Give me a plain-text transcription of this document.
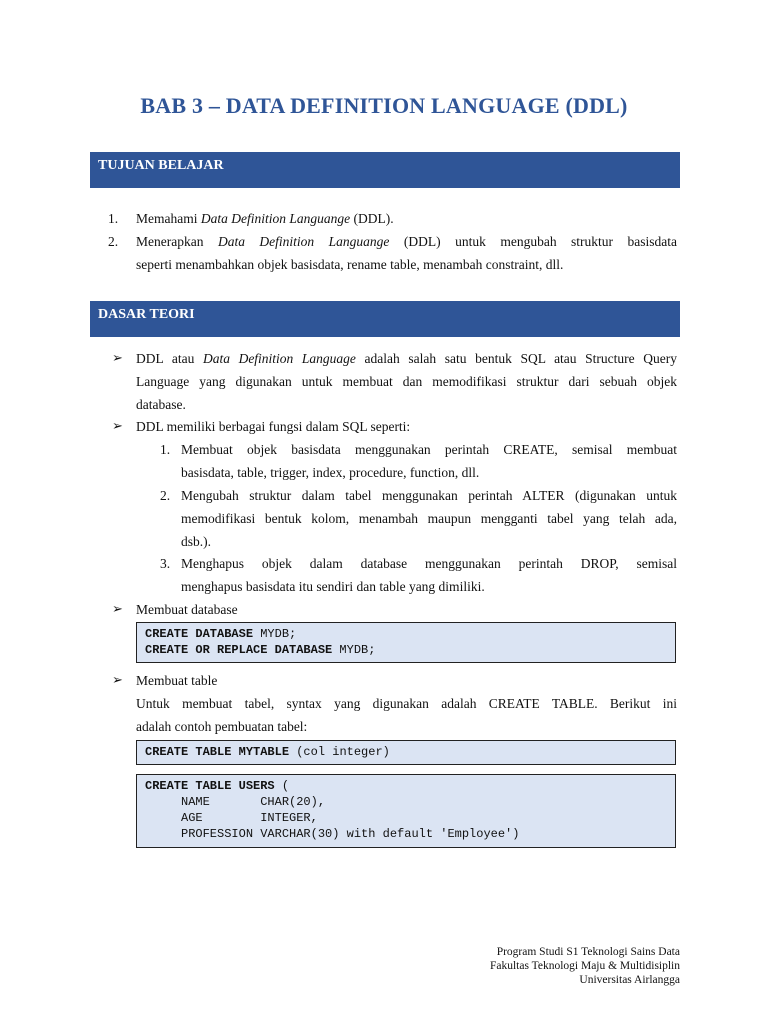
BAB 3 – DATA DEFINITION LANGUAGE (DDL)
TUJUAN BELAJAR
1. Memahami Data Definition Languange (DDL).
2. Menerapkan Data Definition Languange (DDL) untuk mengubah struktur basisdata
seperti menambahkan objek basisdata, rename table, menambah constraint, dll.
DASAR TEORI
➢ DDL atau Data Definition Language adalah salah satu bentuk SQL atau Structure Query
Language yang digunakan untuk membuat dan memodifikasi struktur dari sebuah objek
database.
➢ DDL memiliki berbagai fungsi dalam SQL seperti:
1. Membuat objek basisdata menggunakan perintah CREATE, semisal membuat
basisdata, table, trigger, index, procedure, function, dll.
2. Mengubah struktur dalam tabel menggunakan perintah ALTER (digunakan untuk
memodifikasi bentuk kolom, menambah maupun mengganti tabel yang telah ada,
dsb.).
3. Menghapus objek dalam database menggunakan perintah DROP, semisal
menghapus basisdata itu sendiri dan table yang dimiliki.
➢ Membuat database
CREATE DATABASE MYDB;
CREATE OR REPLACE DATABASE MYDB;
➢ Membuat table
Untuk membuat tabel, syntax yang digunakan adalah CREATE TABLE. Berikut ini
adalah contoh pembuatan tabel:
CREATE TABLE MYTABLE (col integer)
CREATE TABLE USERS (
NAME       CHAR(20),
AGE        INTEGER,
PROFESSION VARCHAR(30) with default 'Employee')
Program Studi S1 Teknologi Sains Data
Fakultas Teknologi Maju & Multidisiplin
Universitas Airlangga
